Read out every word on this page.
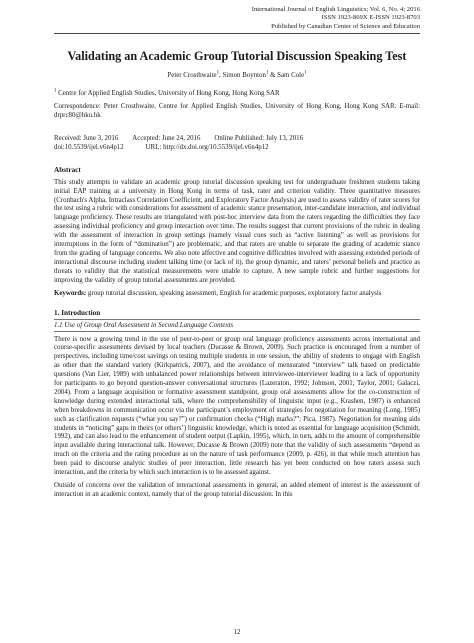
International Journal of English Linguistics; Vol. 6, No. 4; 2016
ISSN 1923-869X E-ISSN 1923-8703
Published by Canadian Center of Science and Education
Validating an Academic Group Tutorial Discussion Speaking Test
Peter Crosthwaite$^1$, Simon Boynton$^1$ & Sam Cole$^1$

$^1$ Centre for Applied English Studies, University of Hong Kong, Hong Kong SAR

Correspondence: Peter Crosthwaite, Centre for Applied English Studies, University of Hong Kong, Hong Kong SAR. E-mail: drprc80@hku.hk

Received: June 3, 2016 Accepted: June 24, 2016 Online Published: July 13, 2016
doi:10.5539/ijel.v6n4p12	URL: http://dx.doi.org/10.5539/ijel.v6n4p12
Abstract

This study attempts to validate an academic group tutorial discussion speaking test for undergraduate freshmen students taking initial EAP training at a university in Hong Kong in terms of task, rater and criterion validity. Three quantitative measures (Cronbach's Alpha, Intraclass Correlation Coefficient, and Exploratory Factor Analysis) are used to assess validity of rater scores for the test using a rubric with considerations for assessment of academic stance presentation, inter-candidate interaction, and individual language proficiency. These results are triangulated with post-hoc interview data from the raters regarding the difficulties they face assessing individual proficiency and group interaction over time. The results suggest that current provisions of the rubric in dealing with the assessment of interaction in group settings (namely visual cues such as “active listening” as well as provisions for interruptions in the form of “domination”) are problematic, and that raters are unable to separate the grading of academic stance from the grading of language concerns. We also note affective and cognitive difficulties involved with assessing extended periods of interactional discourse including student talking time (or lack of it), the group dynamic, and raters’ personal beliefs and practice as threats to validity that the statistical measurements were unable to capture. A new sample rubric and further suggestions for improving the validity of group tutorial assessments are provided.

Keywords: group tutorial discussion, speaking assessment, English for academic purposes, exploratory factor analysis

1. Introduction
1.1 Use of Group Oral Assessment in Second Language Contexts

There is now a growing trend in the use of peer-to-peer or group oral language proficiency assessments across international and course-specific assessments devised by local teachers (Ducasse & Brown, 2009). Such practice is encouraged from a number of perspectives, including time/cost savings on testing multiple students in one session, the ability of students to engage with English as other than the standard variety (Kirkpatrick, 2007), and the avoidance of mensurated “interview” talk based on predictable questions (Van Lier, 1989) with unbalanced power relationships between interviewee-interviewer leading to a lack of opportunity for participants to go beyond question-answer conversational structures (Lazeraton, 1992; Johnson, 2001; Taylor, 2001; Galaczi, 2004). From a language acquisition or formative assessment standpoint, group oral assessments allow for the co-construction of knowledge during extended interactional talk, where the comprehensibility of linguistic input (e.g., Krashen, 1987) is enhanced when breakdowns in communication occur via the participant’s employment of strategies for negotiation for meaning (Long, 1985) such as clarification requests (“what you say?”) or confirmation checks (“High marks?”: Pica, 1987). Negotiation for meaning aids students in “noticing” gaps in theirs (or others’) linguistic knowledge, which is noted as essential for language acquisition (Schmidt, 1992), and can also lead to the enhancement of student output (Lapkin, 1995), which, in turn, adds to the amount of comprehensible input available during interactional talk. However, Ducasse & Brown (2009) note that the validity of such assessments “depend as much on the criteria and the rating procedure as on the nature of task performance (2009, p. 426), in that while much attention has been paid to discourse analytic studies of peer interaction, little research has yet been conducted on how raters assess such interaction, and the criteria by which such interaction is to be assessed against.

Outside of concerns over the validation of interactional assessments in general, an added element of interest is the assessment of interaction in an academic context, namely that of the group tutorial discussion. In this

12
